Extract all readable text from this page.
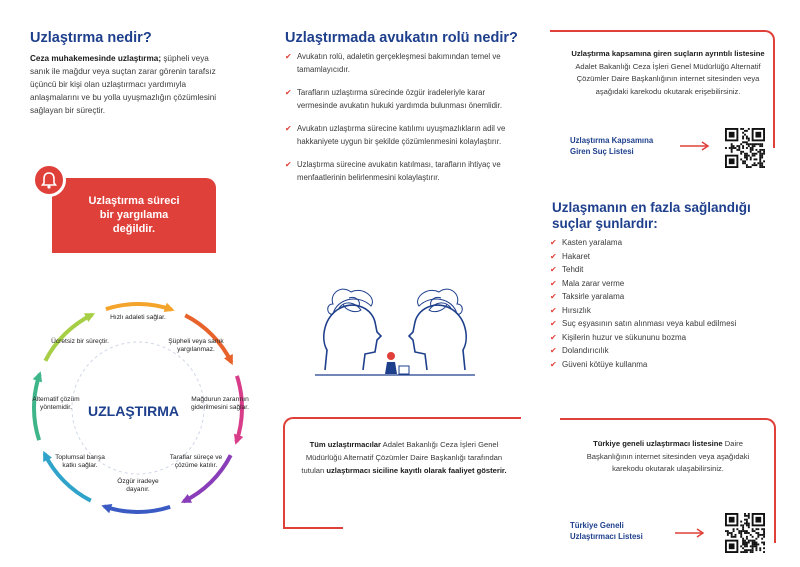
Uzlaştırma nedir?

Ceza muhakemesinde uzlaştırma; şüpheli veya sanık ile mağdur veya suçtan zarar görenin tarafsız üçüncü bir kişi olan uzlaştırmacı yardımıyla anlaşmalarını ve bu yolla uyuşmazlığın çözümlesini sağlayan bir süreçtir.

Uzlaştırma süreci
bir yargılama
değildir.
UZLAŞTIRMA
Hızlı adaleti sağlar.
Şüpheli veya sanık yargılanmaz.
Mağdurun zararının giderilmesini sağlar.
Taraflar süreçe ve çözüme katılır.
Özgür iradeye dayanır.
Toplumsal barışa katkı sağlar.
Alternatif çözüm yöntemidir.
Ücretsiz bir süreçtir.
Uzlaştırmada avukatın rolü nedir?
✔ Avukatın rolü, adaletin gerçekleşmesi bakımından temel ve tamamlayıcıdır.
✔ Tarafların uzlaştırma sürecinde özgür iradeleriyle karar vermesinde avukatın hukuki yardımda bulunması önemlidir.
✔ Avukatın uzlaştırma sürecine katılımı uyuşmazlıkların adil ve hakkaniyete uygun bir şekilde çözümlenmesini kolaylaştırır.
✔ Uzlaştırma sürecine avukatın katılması, tarafların ihtiyaç ve menfaatlerinin belirlenmesini kolaylaştırır.

Tüm uzlaştırmacılar Adalet Bakanlığı Ceza İşleri Genel Müdürlüğü Alternatif Çözümler Daire Başkanlığı tarafından tutulan uzlaştırmacı siciline kayıtlı olarak faaliyet gösterir.

Uzlaştırma kapsamına giren suçların ayrıntılı listesine Adalet Bakanlığı Ceza İşleri Genel Müdürlüğü Alternatif Çözümler Daire Başkanlığının internet sitesinden veya aşağıdaki karekodu okutarak erişebilirsiniz.

Uzlaştırma Kapsamına
Giren Suç Listesi
Uzlaşmanın en fazla sağlandığı
suçlar şunlardır:
✔ Kasten yaralama
✔ Hakaret
✔ Tehdit
✔ Mala zarar verme
✔ Taksirle yaralama
✔ Hırsızlık
✔ Suç eşyasının satın alınması veya kabul edilmesi
✔ Kişilerin huzur ve sükununu bozma
✔ Dolandırıcılık
✔ Güveni kötüye kullanma

Türkiye geneli uzlaştırmacı listesine Daire Başkanlığının internet sitesinden veya aşağıdaki karekodu okutarak ulaşabilirsiniz.

Türkiye Geneli
Uzlaştırmacı Listesi
